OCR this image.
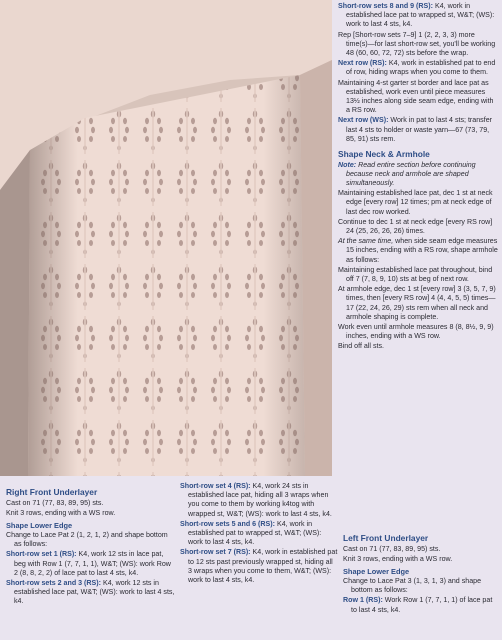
Short-row sets 8 and 9 (RS): K4, work in established lace pat to wrapped st, W&T; (WS): work to last 4 sts, k4.
Rep [Short-row sets 7–9] 1 (2, 2, 3, 3) more time(s)—for last short-row set, you'll be working 48 (60, 60, 72, 72) sts before the wrap.
Next row (RS): K4, work in established pat to end of row, hiding wraps when you come to them.
Maintaining 4-st garter st border and lace pat as established, work even until piece measures 13½ inches along side seam edge, ending with a RS row.
Next row (WS): Work in pat to last 4 sts; transfer last 4 sts to holder or waste yarn—67 (73, 79, 85, 91) sts rem.
Shape Neck & Armhole
Note: Read entire section before continuing because neck and armhole are shaped simultaneously.
Maintaining established lace pat, dec 1 st at neck edge [every row] 12 times; pm at neck edge of last dec row worked.
Continue to dec 1 st at neck edge [every RS row] 24 (25, 26, 26, 26) times.
At the same time, when side seam edge measures 15 inches, ending with a RS row, shape armhole as follows:
Maintaining established lace pat throughout, bind off 7 (7, 8, 9, 10) sts at beg of next row.
At armhole edge, dec 1 st [every row] 3 (3, 5, 7, 9) times, then [every RS row] 4 (4, 4, 5, 5) times—17 (22, 24, 26, 29) sts rem when all neck and armhole shaping is complete.
Work even until armhole measures 8 (8, 8½, 9, 9) inches, ending with a WS row.
Bind off all sts.
Right Front Underlayer
Cast on 71 (77, 83, 89, 95) sts.
Knit 3 rows, ending with a WS row.
Shape Lower Edge
Change to Lace Pat 2 (1, 2, 1, 2) and shape bottom as follows:
Short-row set 1 (RS): K4, work 12 sts in lace pat, beg with Row 1 (7, 7, 1, 1), W&T; (WS): work Row 2 (8, 8, 2, 2) of lace pat to last 4 sts, k4.
Short-row sets 2 and 3 (RS): K4, work 12 sts in established lace pat, W&T; (WS): work to last 4 sts, k4.
Short-row set 4 (RS): K4, work 24 sts in established lace pat, hiding all 3 wraps when you come to them by working k4tog with wrapped st, W&T; (WS): work to last 4 sts, k4.
Short-row sets 5 and 6 (RS): K4, work in established pat to wrapped st, W&T; (WS): work to last 4 sts, k4.
Short-row set 7 (RS): K4, work in established pat to 12 sts past previously wrapped st, hiding all 3 wraps when you come to them, W&T; (WS): work to last 4 sts, k4.
Left Front Underlayer
Cast on 71 (77, 83, 89, 95) sts.
Knit 3 rows, ending with a WS row.
Shape Lower Edge
Change to Lace Pat 3 (1, 3, 1, 3) and shape bottom as follows:
Row 1 (RS): Work Row 1 (7, 7, 1, 1) of lace pat to last 4 sts, k4.
